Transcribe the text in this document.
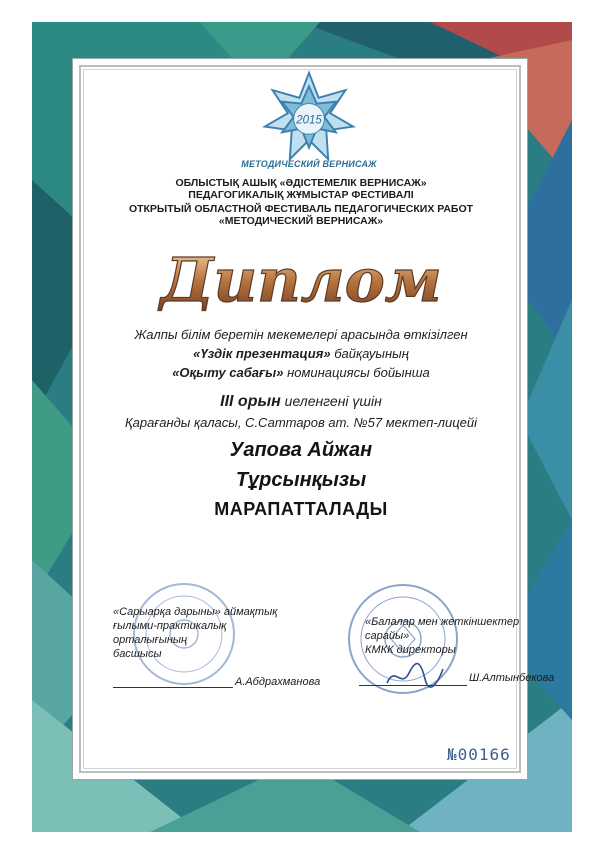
2015
МЕТОДИЧЕСКИЙ ВЕРНИСАЖ
ОБЛЫСТЫҚ АШЫҚ «ӘДІСТЕМЕЛІК ВЕРНИСАЖ»
ПЕДАГОГИКАЛЫҚ ЖҰМЫСТАР ФЕСТИВАЛІ
ОТКРЫТЫЙ ОБЛАСТНОЙ ФЕСТИВАЛЬ ПЕДАГОГИЧЕСКИХ РАБОТ
«МЕТОДИЧЕСКИЙ ВЕРНИСАЖ»
Диплом
Жалпы білім беретін мекемелері арасында өткізілген
«Үздік презентация» байқауының
«Оқыту сабағы» номинациясы бойынша
III орын иеленгені үшін
Қарағанды қаласы, С.Саттаров ат. №57 мектеп-лицейі
Уапова Айжан
Тұрсынқызы
МАРАПАТТАЛАДЫ
«Сарыарқа дарыны» аймақтық
ғылыми-практикалық орталығының
басшысы
А.Абдрахманова
«Балалар мен жеткіншектер сарайы»
КМКК директоры
Ш.Алтынбекова
№00166
